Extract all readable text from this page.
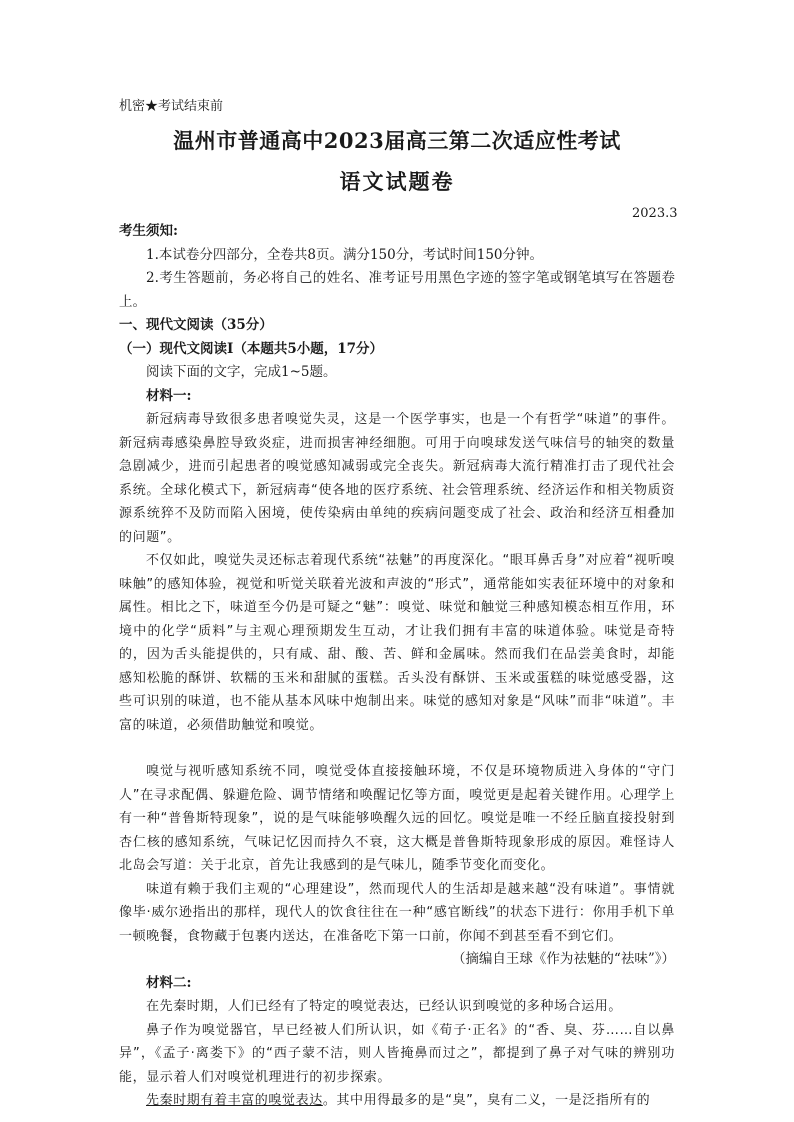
机密★考试结束前
温州市普通高中2023届高三第二次适应性考试
语文试题卷
2023.3

考生须知:

1.本试卷分四部分，全卷共8页。满分150分，考试时间150分钟。

2.考生答题前，务必将自己的姓名、准考证号用黑色字迹的签字笔或钢笔填写在答题卷上。

一、现代文阅读（35分）

（一）现代文阅读Ⅰ（本题共5小题，17分）

阅读下面的文字，完成1~5题。

材料一:

新冠病毒导致很多患者嗅觉失灵，这是一个医学事实，也是一个有哲学“味道”的事件。新冠病毒感染鼻腔导致炎症，进而损害神经细胞。可用于向嗅球发送气味信号的轴突的数量急剧减少，进而引起患者的嗅觉感知减弱或完全丧失。新冠病毒大流行精准打击了现代社会系统。全球化模式下，新冠病毒“使各地的医疗系统、社会管理系统、经济运作和相关物质资源系统猝不及防而陷入困境，使传染病由单纯的疾病问题变成了社会、政治和经济互相叠加的问题”。

不仅如此，嗅觉失灵还标志着现代系统“祛魅”的再度深化。“眼耳鼻舌身”对应着“视听嗅味触”的感知体验，视觉和听觉关联着光波和声波的“形式”，通常能如实表征环境中的对象和属性。相比之下，味道至今仍是可疑之“魅”：嗅觉、味觉和触觉三种感知模态相互作用，环境中的化学“质料”与主观心理预期发生互动，才让我们拥有丰富的味道体验。味觉是奇特的，因为舌头能提供的，只有咸、甜、酸、苦、鲜和金属味。然而我们在品尝美食时，却能感知松脆的酥饼、软糯的玉米和甜腻的蛋糕。舌头没有酥饼、玉米或蛋糕的味觉感受器，这些可识别的味道，也不能从基本风味中炮制出来。味觉的感知对象是“风味”而非“味道”。丰富的味道，必须借助触觉和嗅觉。

嗅觉与视听感知系统不同，嗅觉受体直接接触环境，不仅是环境物质进入身体的“守门人”在寻求配偶、躲避危险、调节情绪和唤醒记忆等方面，嗅觉更是起着关键作用。心理学上有一种“普鲁斯特现象”，说的是气味能够唤醒久远的回忆。嗅觉是唯一不经丘脑直接投射到杏仁核的感知系统，气味记忆因而持久不衰，这大概是普鲁斯特现象形成的原因。难怪诗人北岛会写道：关于北京，首先让我感到的是气味儿，随季节变化而变化。

味道有赖于我们主观的“心理建设”，然而现代人的生活却是越来越“没有味道”。事情就像毕·威尔逊指出的那样，现代人的饮食往往在一种“感官断线”的状态下进行：你用手机下单一顿晚餐，食物藏于包裹内送达，在准备吃下第一口前，你闻不到甚至看不到它们。

（摘编自王球《作为祛魅的“祛味”》）

材料二:

在先秦时期，人们已经有了特定的嗅觉表达，已经认识到嗅觉的多种场合运用。

鼻子作为嗅觉器官，早已经被人们所认识，如《荀子·正名》的“香、臭、芬……自以鼻异”，《孟子·离娄下》的“西子蒙不洁，则人皆掩鼻而过之”，都提到了鼻子对气味的辨别功能，显示着人们对嗅觉机理进行的初步探索。

先秦时期有着丰富的嗅觉表达。其中用得最多的是“臭”，臭有二义，一是泛指所有的
